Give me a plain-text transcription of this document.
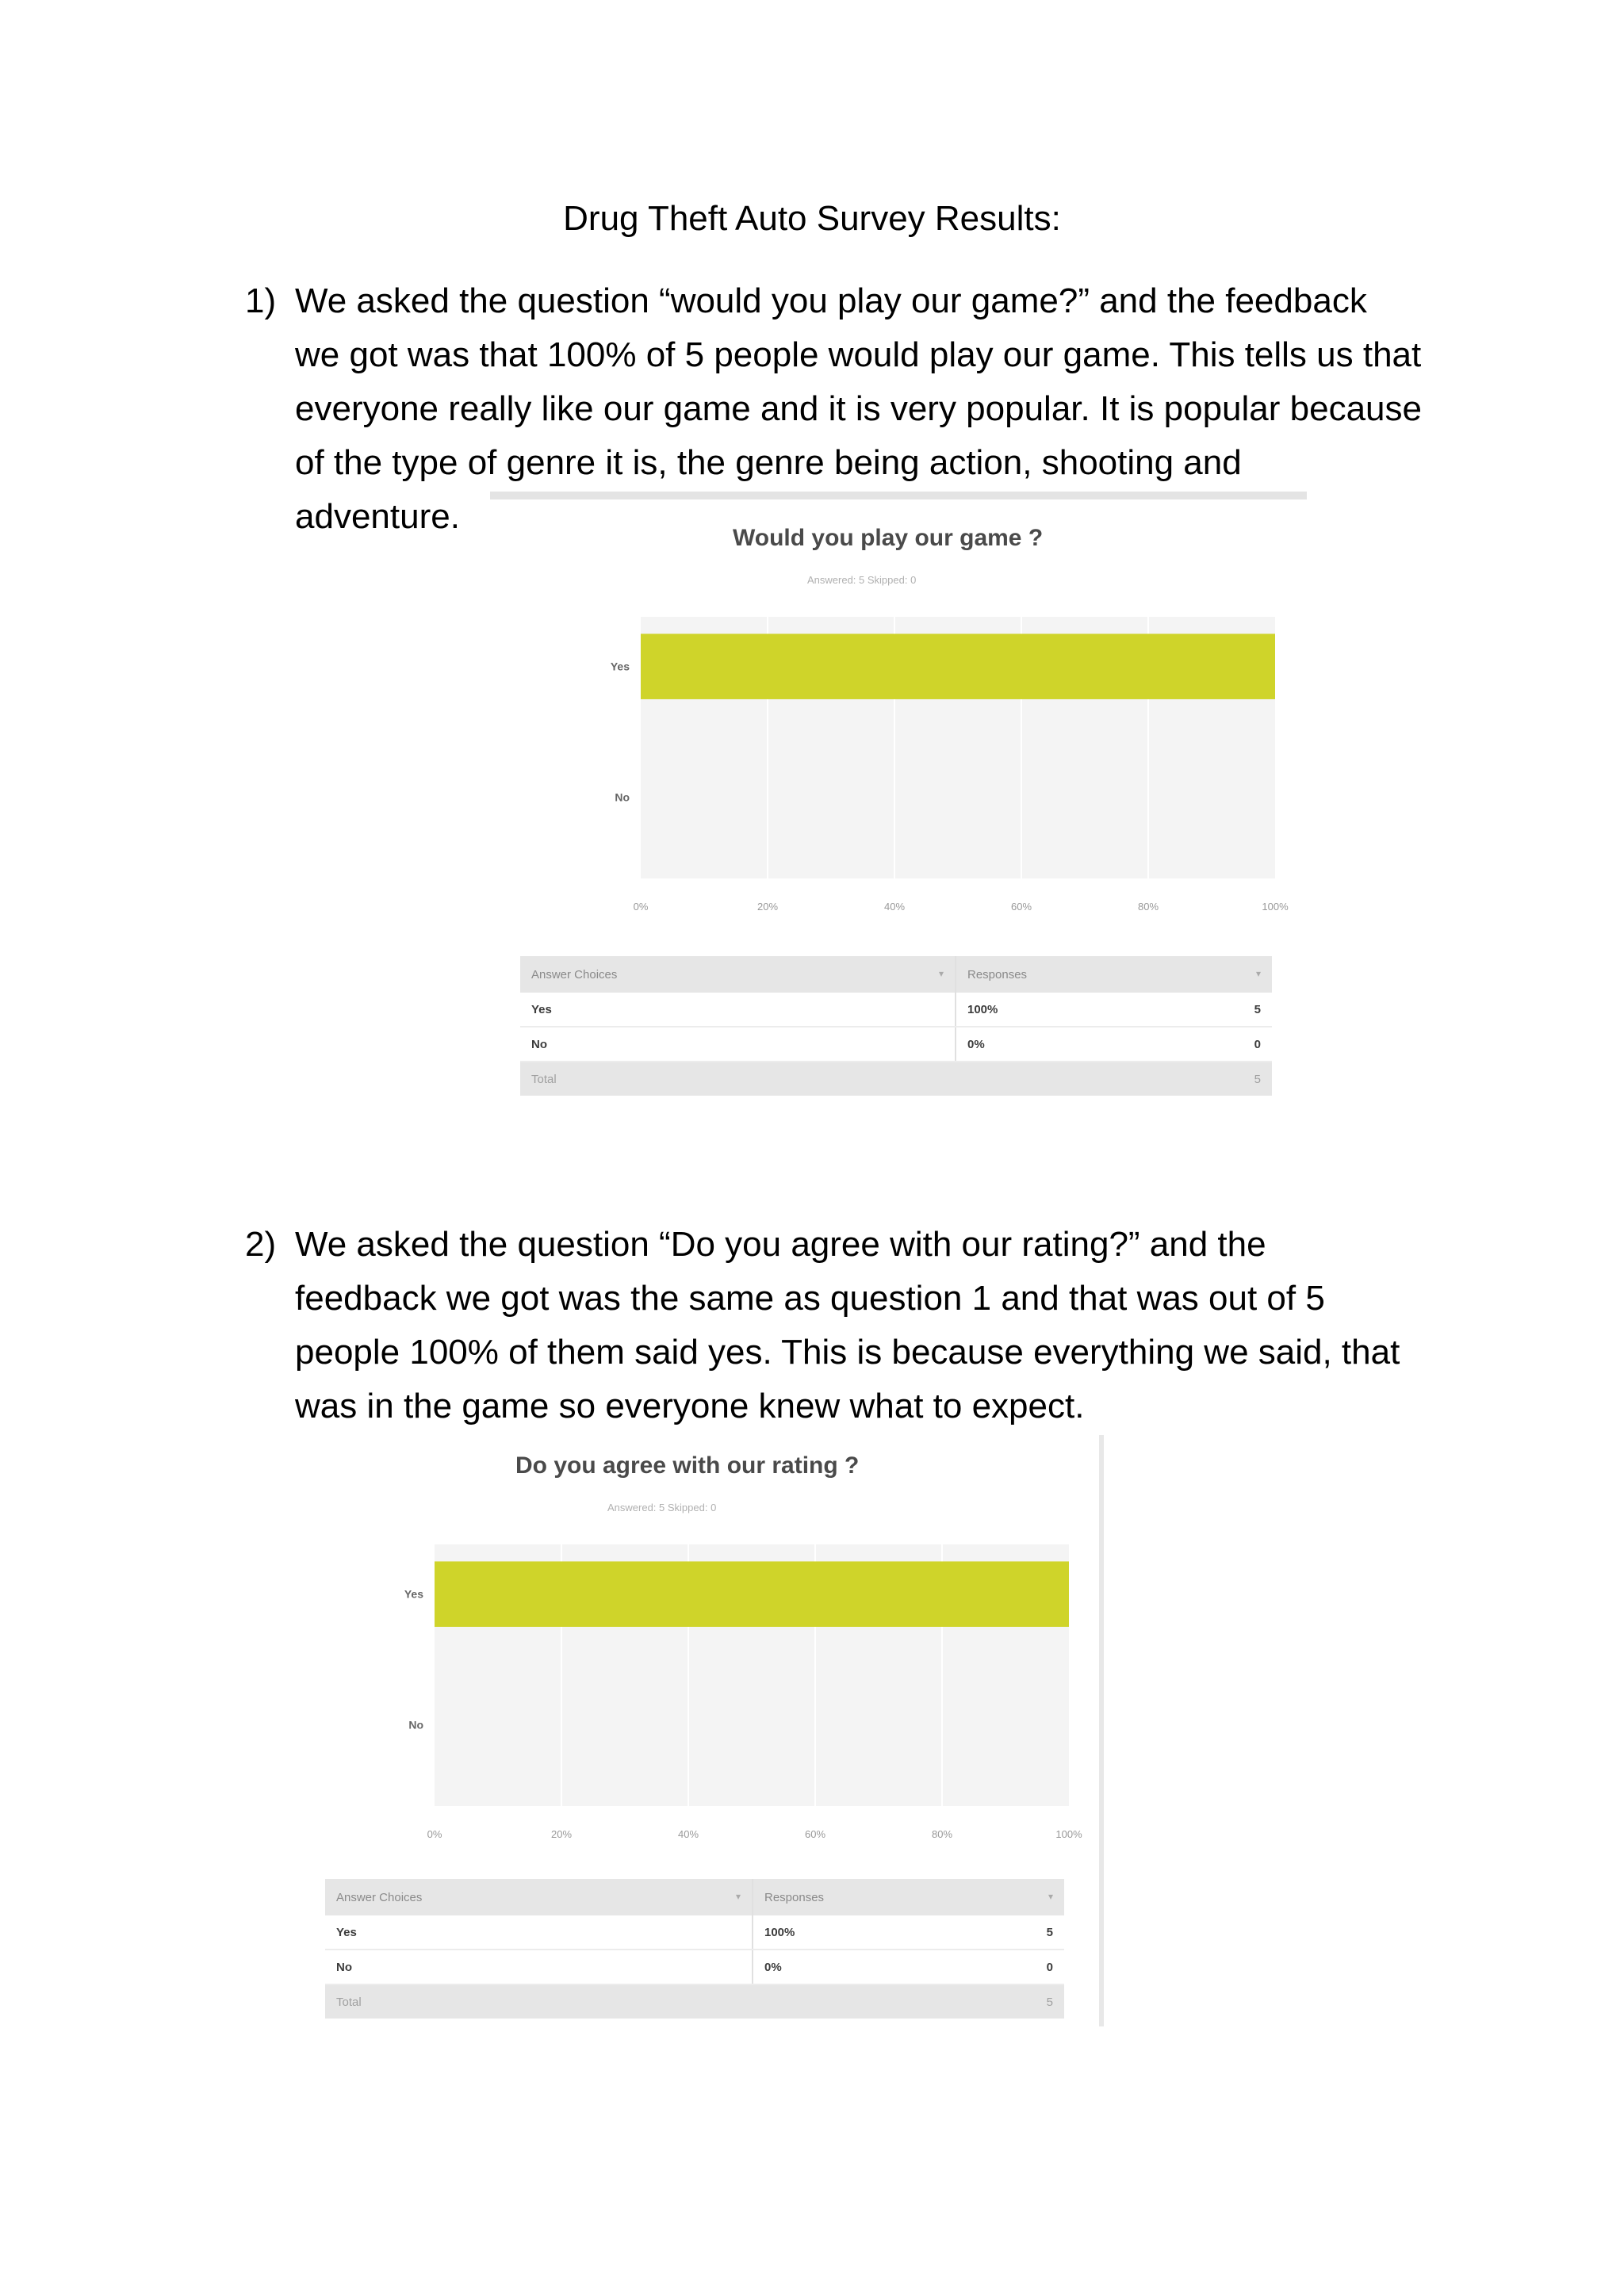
Drug Theft Auto Survey Results:
1) We asked the question “would you play our game?” and the feedback
we got was that 100% of 5 people would play our game. This tells us that
everyone really like our game and it is very popular. It is popular because
of the type of genre it is, the genre being action, shooting and
adventure.
Would you play our game ?
Answered: 5 Skipped: 0
0%	20%	40%	60%	80%	100%
Yes
No
Answer Choices ▾	Responses ▾	

Yes	100%	5
No	0%	0
Total		5
2) We asked the question “Do you agree with our rating?” and the
feedback we got was the same as question 1 and that was out of 5
people 100% of them said yes. This is because everything we said, that
was in the game so everyone knew what to expect.
Do you agree with our rating ?
Answered: 5 Skipped: 0
0%	20%	40%	60%	80%	100%
Yes
No
Answer Choices ▾	Responses ▾	

Yes	100%	5
No	0%	0
Total		5
